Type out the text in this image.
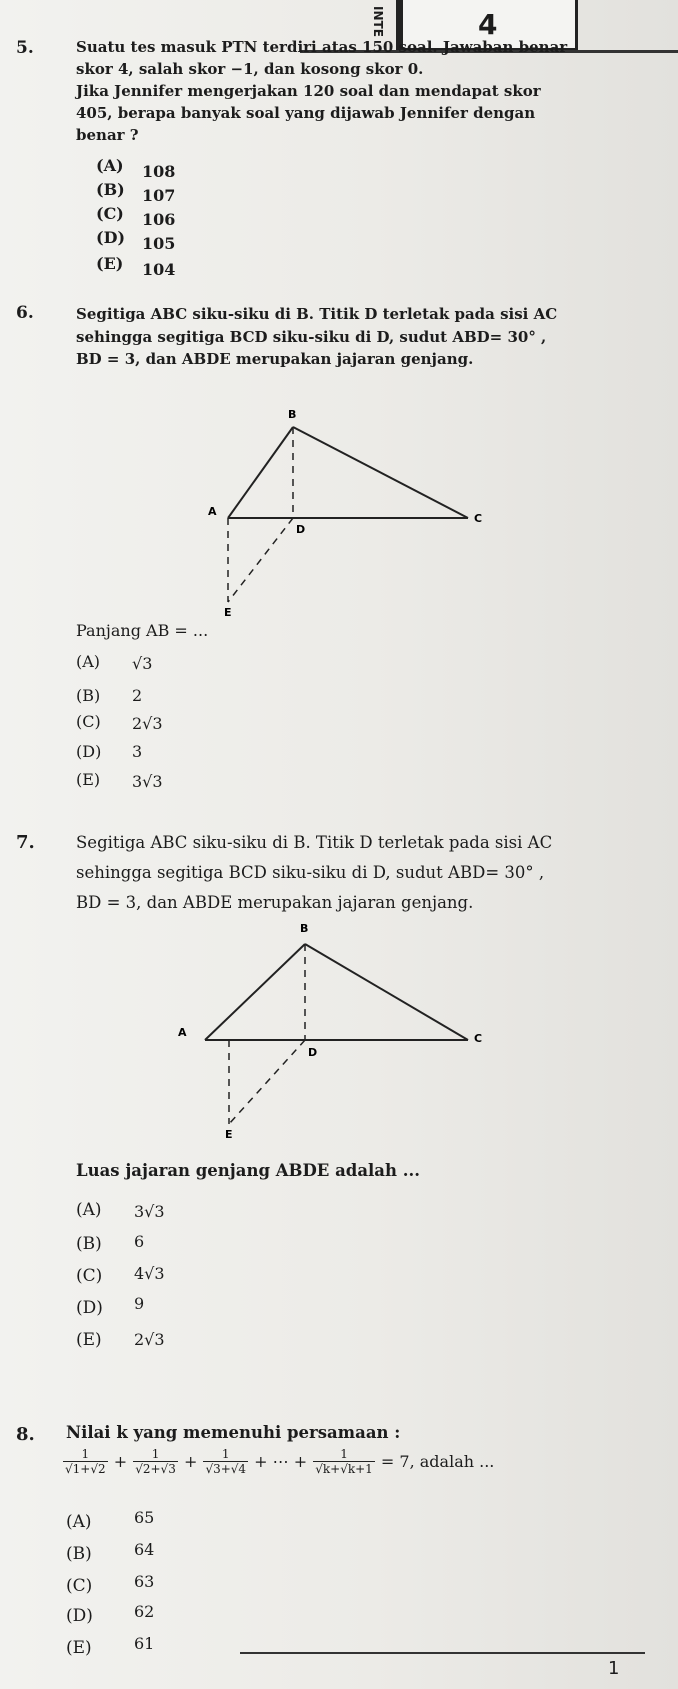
INTE	4
5.	Suatu tes masuk PTN terdiri atas 150 soal. Jawaban benar
skor 4, salah skor −1, dan kosong skor 0.
Jika Jennifer mengerjakan 120 soal dan mendapat skor
405, berapa banyak soal yang dijawab Jennifer dengan
benar ?
(A) 108
(B) 107
(C) 106
(D) 105
(E) 104
6.	Segitiga ABC siku-siku di B. Titik D terletak pada sisi AC
sehingga segitiga BCD siku-siku di D, sudut ABD= 30° ,
BD = 3, dan ABDE merupakan jajaran genjang.
B
A
C
D
E
Panjang AB = ...
(A) √3
(B) 2
(C) 2√3
(D) 3
(E) 3√3
7. Segitiga ABC siku-siku di B. Titik D terletak pada sisi AC
sehingga segitiga BCD siku-siku di D, sudut ABD= 30° ,
BD = 3, dan ABDE merupakan jajaran genjang.
B
A	C
D
E
Luas jajaran genjang ABDE adalah ...
(A) 3√3
(B) 6
(C) 4√3
(D) 9
(E) 2√3
8. Nilai k yang memenuhi persamaan :
$\frac{1}{√1+√2} + \frac{1}{√2+√3} + \frac{1}{√3+√4}$ + ⋯ + $\frac{1}{√k+√k+1} = 7$, adalah ...
(A)	65
(B)	64
(C)	63
(D)	62
(E)	61
1
